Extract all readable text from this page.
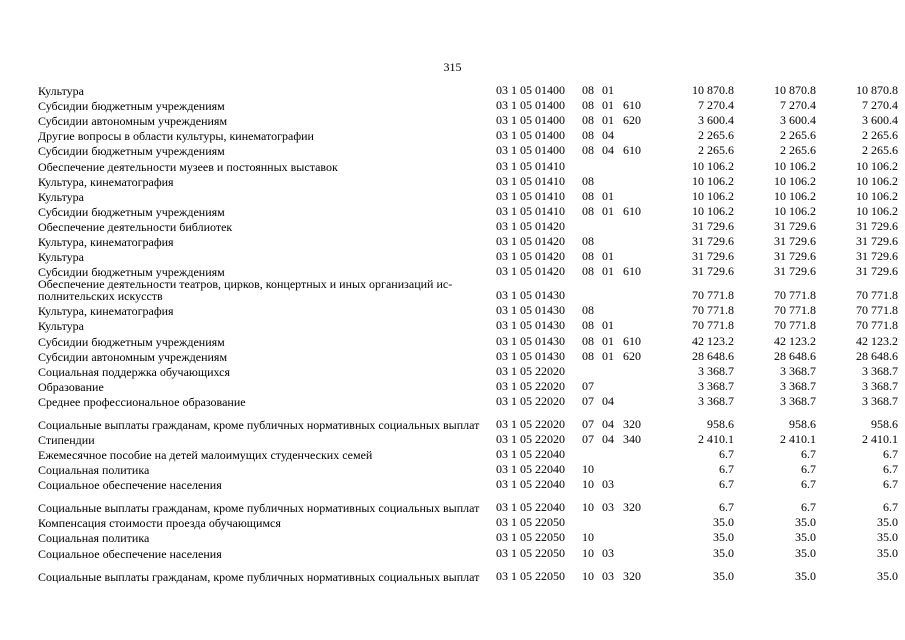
315
Культура	03 1 05 01400	08	01		10 870.8	10 870.8	10 870.8
Субсидии бюджетным учреждениям	03 1 05 01400	08	01	610	7 270.4	7 270.4	7 270.4
Субсидии автономным учреждениям	03 1 05 01400	08	01	620	3 600.4	3 600.4	3 600.4
Другие вопросы в области культуры, кинематографии	03 1 05 01400	08	04		2 265.6	2 265.6	2 265.6
Субсидии бюджетным учреждениям	03 1 05 01400	08	04	610	2 265.6	2 265.6	2 265.6
Обеспечение деятельности музеев и постоянных выставок	03 1 05 01410				10 106.2	10 106.2	10 106.2
Культура, кинематография	03 1 05 01410	08			10 106.2	10 106.2	10 106.2
Культура	03 1 05 01410	08	01		10 106.2	10 106.2	10 106.2
Субсидии бюджетным учреждениям	03 1 05 01410	08	01	610	10 106.2	10 106.2	10 106.2
Обеспечение деятельности библиотек	03 1 05 01420				31 729.6	31 729.6	31 729.6
Культура, кинематография	03 1 05 01420	08			31 729.6	31 729.6	31 729.6
Культура	03 1 05 01420	08	01		31 729.6	31 729.6	31 729.6
Субсидии бюджетным учреждениям	03 1 05 01420	08	01	610	31 729.6	31 729.6	31 729.6
Обеспечение деятельности театров, цирков, концертных и иных организаций ис-полнительских искусств	03 1 05 01430				70 771.8	70 771.8	70 771.8
Культура, кинематография	03 1 05 01430	08			70 771.8	70 771.8	70 771.8
Культура	03 1 05 01430	08	01		70 771.8	70 771.8	70 771.8
Субсидии бюджетным учреждениям	03 1 05 01430	08	01	610	42 123.2	42 123.2	42 123.2
Субсидии автономным учреждениям	03 1 05 01430	08	01	620	28 648.6	28 648.6	28 648.6
Социальная поддержка обучающихся	03 1 05 22020				3 368.7	3 368.7	3 368.7
Образование	03 1 05 22020	07			3 368.7	3 368.7	3 368.7
Среднее профессиональное образование	03 1 05 22020	07	04		3 368.7	3 368.7	3 368.7
Социальные выплаты гражданам, кроме публичных нормативных социальных выплат	03 1 05 22020	07	04	320	958.6	958.6	958.6
Стипендии	03 1 05 22020	07	04	340	2 410.1	2 410.1	2 410.1
Ежемесячное пособие на детей малоимущих студенческих семей	03 1 05 22040				6.7	6.7	6.7
Социальная политика	03 1 05 22040	10			6.7	6.7	6.7
Социальное обеспечение населения	03 1 05 22040	10	03		6.7	6.7	6.7
Социальные выплаты гражданам, кроме публичных нормативных социальных выплат	03 1 05 22040	10	03	320	6.7	6.7	6.7
Компенсация стоимости проезда обучающимся	03 1 05 22050				35.0	35.0	35.0
Социальная политика	03 1 05 22050	10			35.0	35.0	35.0
Социальное обеспечение населения	03 1 05 22050	10	03		35.0	35.0	35.0
Социальные выплаты гражданам, кроме публичных нормативных социальных выплат	03 1 05 22050	10	03	320	35.0	35.0	35.0
